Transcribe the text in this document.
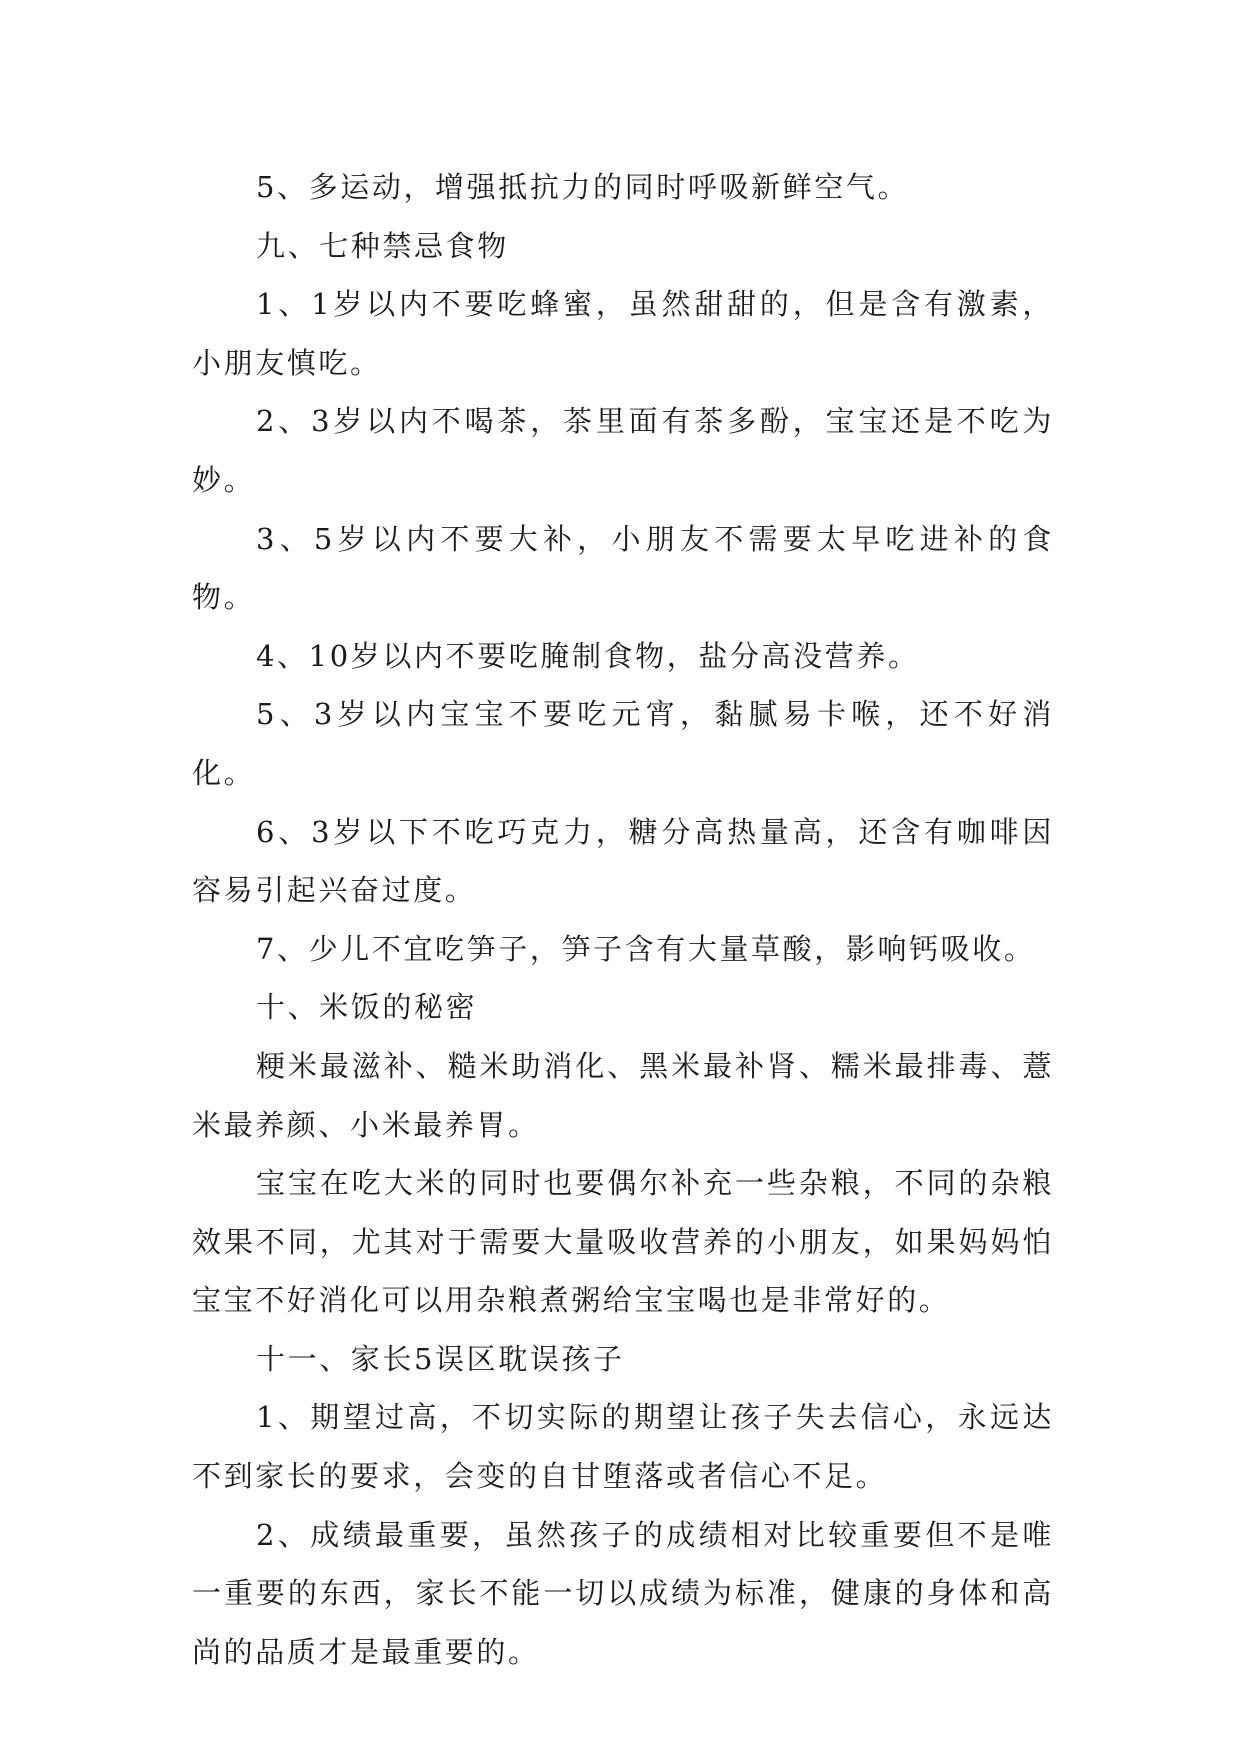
5、多运动，增强抵抗力的同时呼吸新鲜空气。

九、七种禁忌食物

1、1岁以内不要吃蜂蜜，虽然甜甜的，但是含有激素，小朋友慎吃。

2、3岁以内不喝茶，茶里面有茶多酚，宝宝还是不吃为妙。

3、5岁以内不要大补，小朋友不需要太早吃进补的食物。

4、10岁以内不要吃腌制食物，盐分高没营养。

5、3岁以内宝宝不要吃元宵，黏腻易卡喉，还不好消化。

6、3岁以下不吃巧克力，糖分高热量高，还含有咖啡因容易引起兴奋过度。

7、少儿不宜吃笋子，笋子含有大量草酸，影响钙吸收。

十、米饭的秘密

粳米最滋补、糙米助消化、黑米最补肾、糯米最排毒、薏米最养颜、小米最养胃。

宝宝在吃大米的同时也要偶尔补充一些杂粮，不同的杂粮效果不同，尤其对于需要大量吸收营养的小朋友，如果妈妈怕宝宝不好消化可以用杂粮煮粥给宝宝喝也是非常好的。

十一、家长5误区耽误孩子

1、期望过高，不切实际的期望让孩子失去信心，永远达不到家长的要求，会变的自甘堕落或者信心不足。

2、成绩最重要，虽然孩子的成绩相对比较重要但不是唯一重要的东西，家长不能一切以成绩为标准，健康的身体和高尚的品质才是最重要的。
